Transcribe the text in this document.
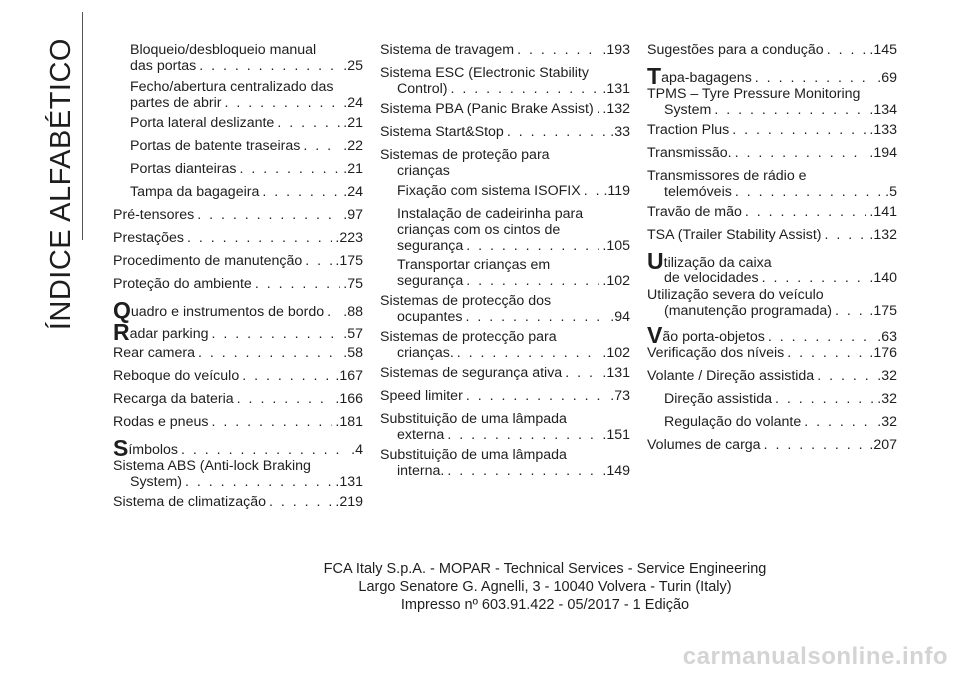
ÍNDICE ALFABÉTICO	Bloqueio/desbloqueio manual
das portas . . .	.25
Fecho/abertura centralizado das
partes de abrir . . .	.24
Porta lateral deslizante . . .	.21
Portas de batente traseiras . . .	.22
Portas dianteiras . . .	.21
Tampa da bagageira . . .	.24
Pré-tensores . . .	.97
Prestações . . .	.223
Procedimento de manutenção . . . .175
Proteção do ambiente . . .	.75
Q uadro e instrumentos de bordo . . . .88
R adar parking . . .	.57
Rear camera . . .	.58
Reboque do veículo . . .	.167
Recarga da bateria . . .	.166
Rodas e pneus . . .	.181
S ímbolos . . .	.4
Sistema ABS (Anti-lock Braking
System) . . .	.131
Sistema de climatização . . .	.219
Sistema de travagem . . .	.193
Sistema ESC (Electronic Stability
Control) . . .	.131
Sistema PBA (Panic Brake Assist) . . . .132
Sistema Start&Stop . . .	.33
Sistemas de proteção para
crianças
Fixação com sistema ISOFIX . . . .119
Instalação de cadeirinha para
crianças com os cintos de
segurança . . .	.105
Transportar crianças em
segurança . . .	.102
Sistemas de protecção dos
ocupantes . . .	.94
Sistemas de protecção para
crianças. . . .	.102
Sistemas de segurança ativa . . .	.131
Speed limiter . . .	.73
Substituição de uma lâmpada
externa . . .	.151
Substituição de uma lâmpada
interna. . . .	.149
Sugestões para a condução . . .	.145
T apa-bagagens . . .	.69
TPMS – Tyre Pressure Monitoring
System . . .	.134
Traction Plus . . .	.133
Transmissão. . . .	.194
Transmissores de rádio e
telemóveis . . .	.5
Travão de mão . . .	.141
TSA (Trailer Stability Assist) . . .	.132
U tilização da caixa
de velocidades . . .	.140
Utilização severa do veículo
(manutenção programada) . . .	.175
V ão porta-objetos . . .	.63
Verificação dos níveis . . .	.176
Volante / Direção assistida . . .	.32
Direção assistida . . .	.32
Regulação do volante . . .	.32
Volumes de carga . . .	.207
FCA Italy S.p.A. - MOPAR - Technical Services - Service Engineering
Largo Senatore G. Agnelli, 3 - 10040 Volvera - Turin (Italy)
Impresso nº 603.91.422 - 05/2017 - 1 Edição
carmanualsonline.info
